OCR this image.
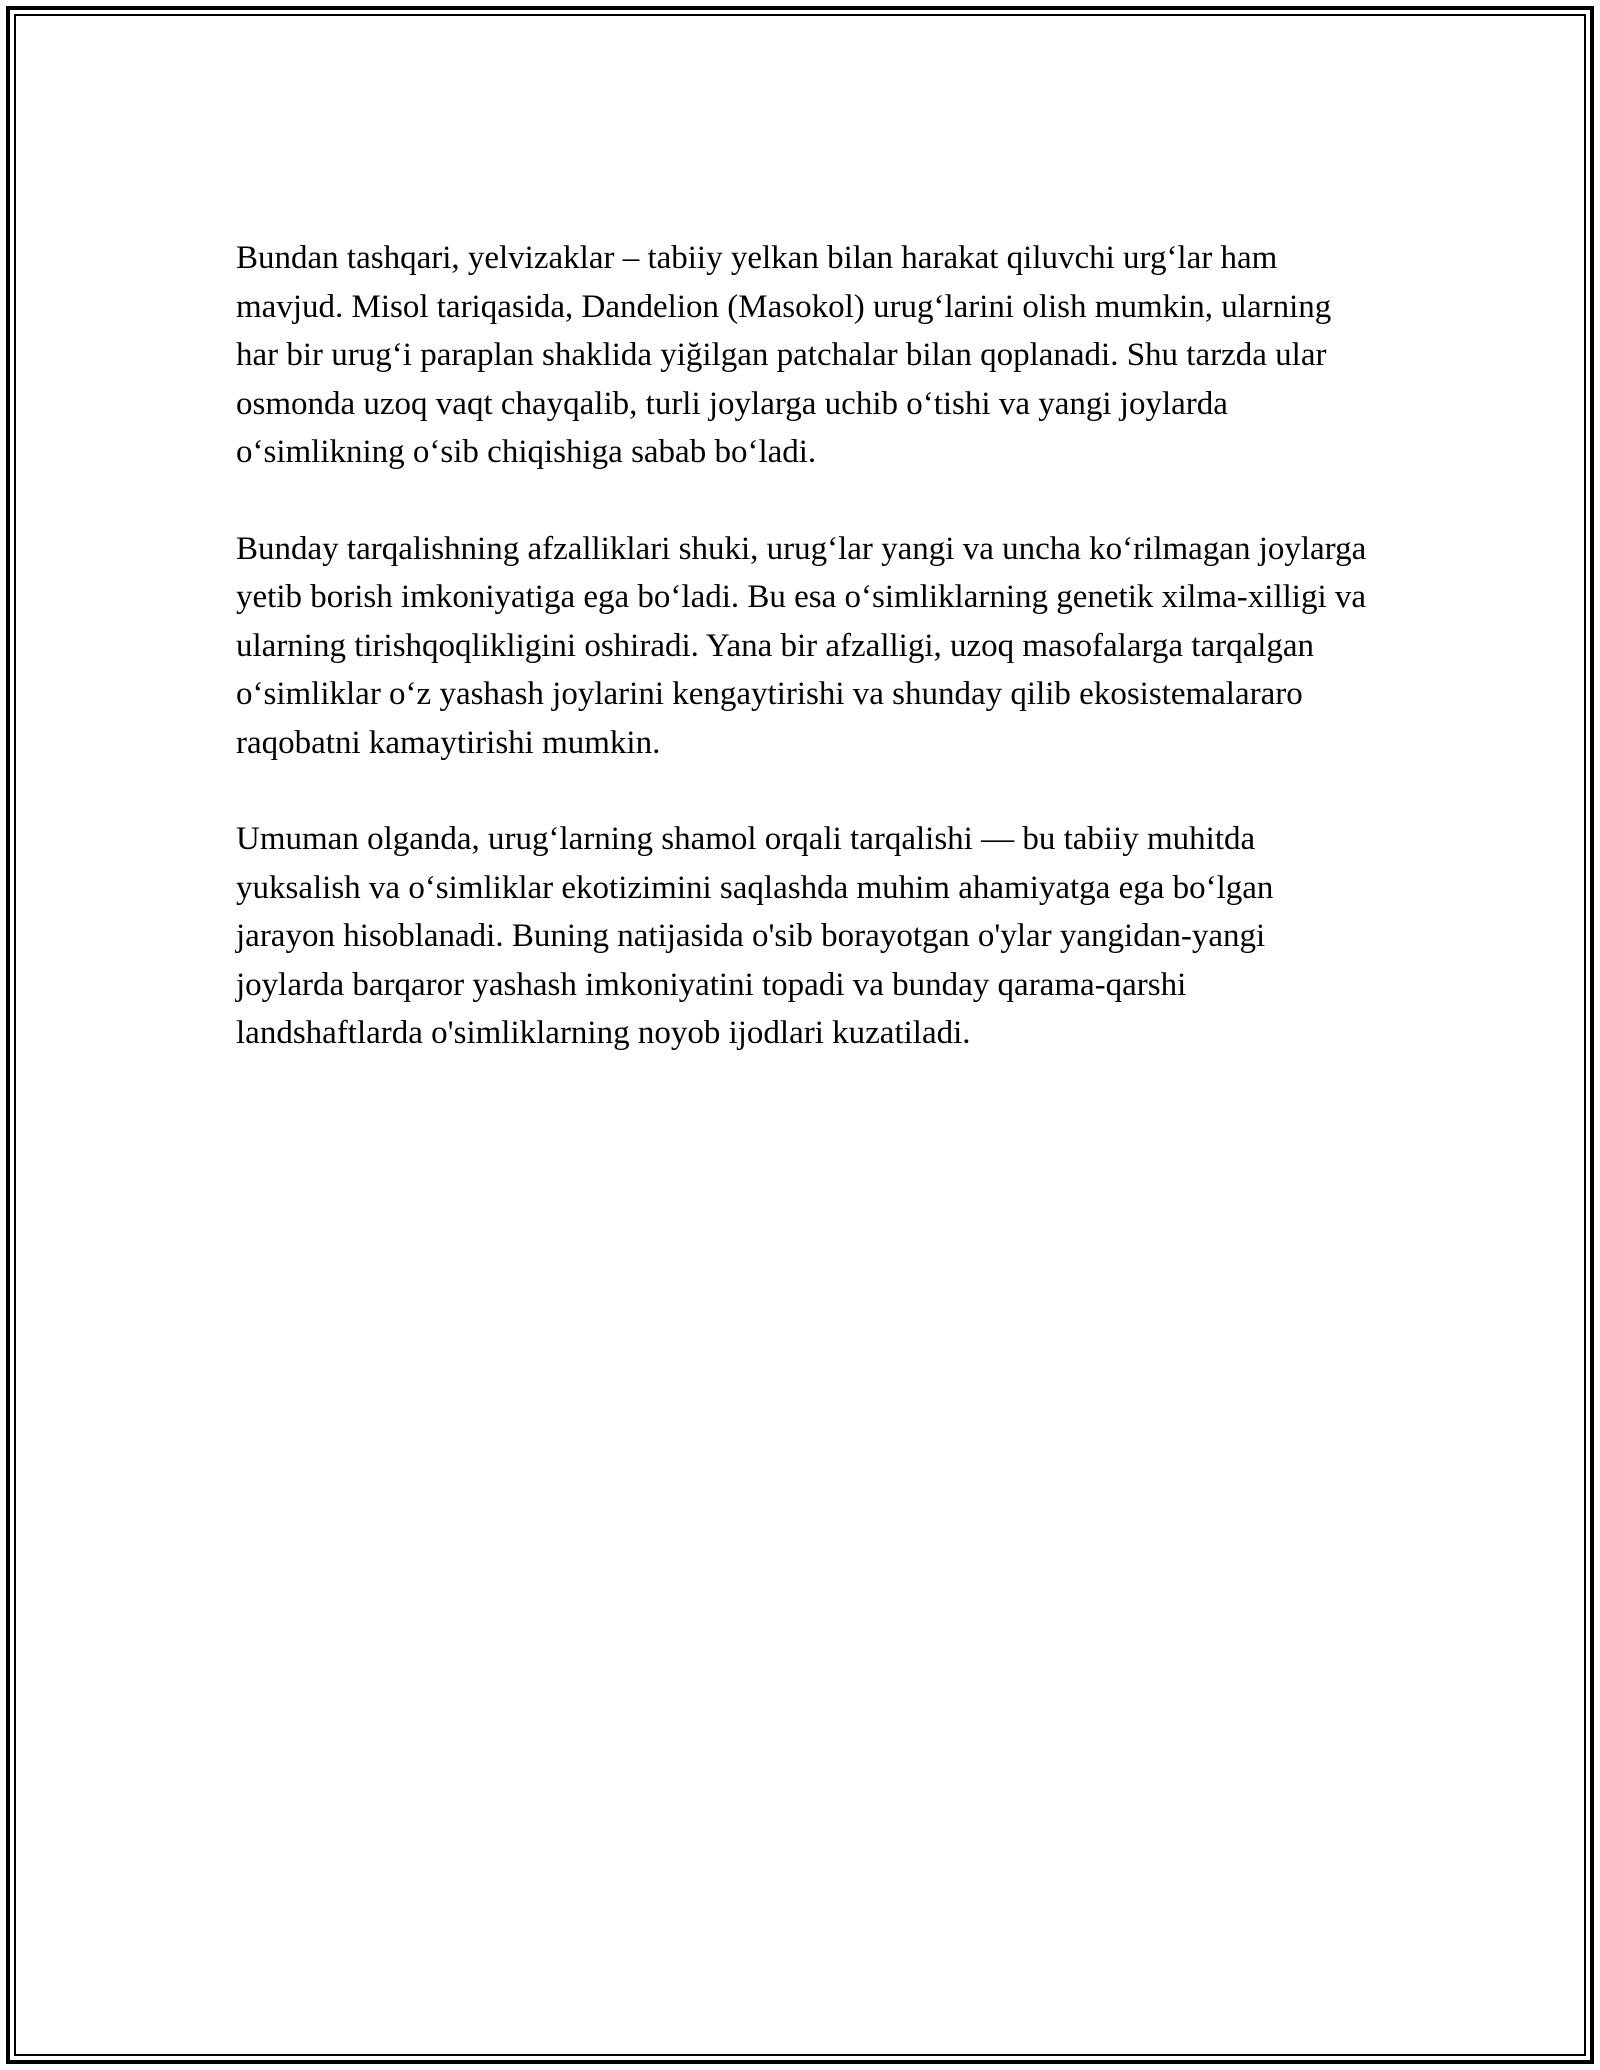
Bundan tashqari, yelvizaklar – tabiiy yelkan bilan harakat qiluvchi urg‘lar ham mavjud. Misol tariqasida, Dandelion (Masokol) urug‘larini olish mumkin, ularning har bir urug‘i paraplan shaklida yiğilgan patchalar bilan qoplanadi. Shu tarzda ular osmonda uzoq vaqt chayqalib, turli joylarga uchib o‘tishi va yangi joylarda o‘simlikning o‘sib chiqishiga sabab bo‘ladi.

Bunday tarqalishning afzalliklari shuki, urug‘lar yangi va uncha ko‘rilmagan joylarga yetib borish imkoniyatiga ega bo‘ladi. Bu esa o‘simliklarning genetik xilma-xilligi va ularning tirishqoqlikligini oshiradi. Yana bir afzalligi, uzoq masofalarga tarqalgan o‘simliklar o‘z yashash joylarini kengaytirishi va shunday qilib ekosistemalararo raqobatni kamaytirishi mumkin.

Umuman olganda, urug‘larning shamol orqali tarqalishi — bu tabiiy muhitda yuksalish va o‘simliklar ekotizimini saqlashda muhim ahamiyatga ega bo‘lgan jarayon hisoblanadi. Buning natijasida o'sib borayotgan o'ylar yangidan-yangi joylarda barqaror yashash imkoniyatini topadi va bunday qarama-qarshi landshaftlarda o'simliklarning noyob ijodlari kuzatiladi.
